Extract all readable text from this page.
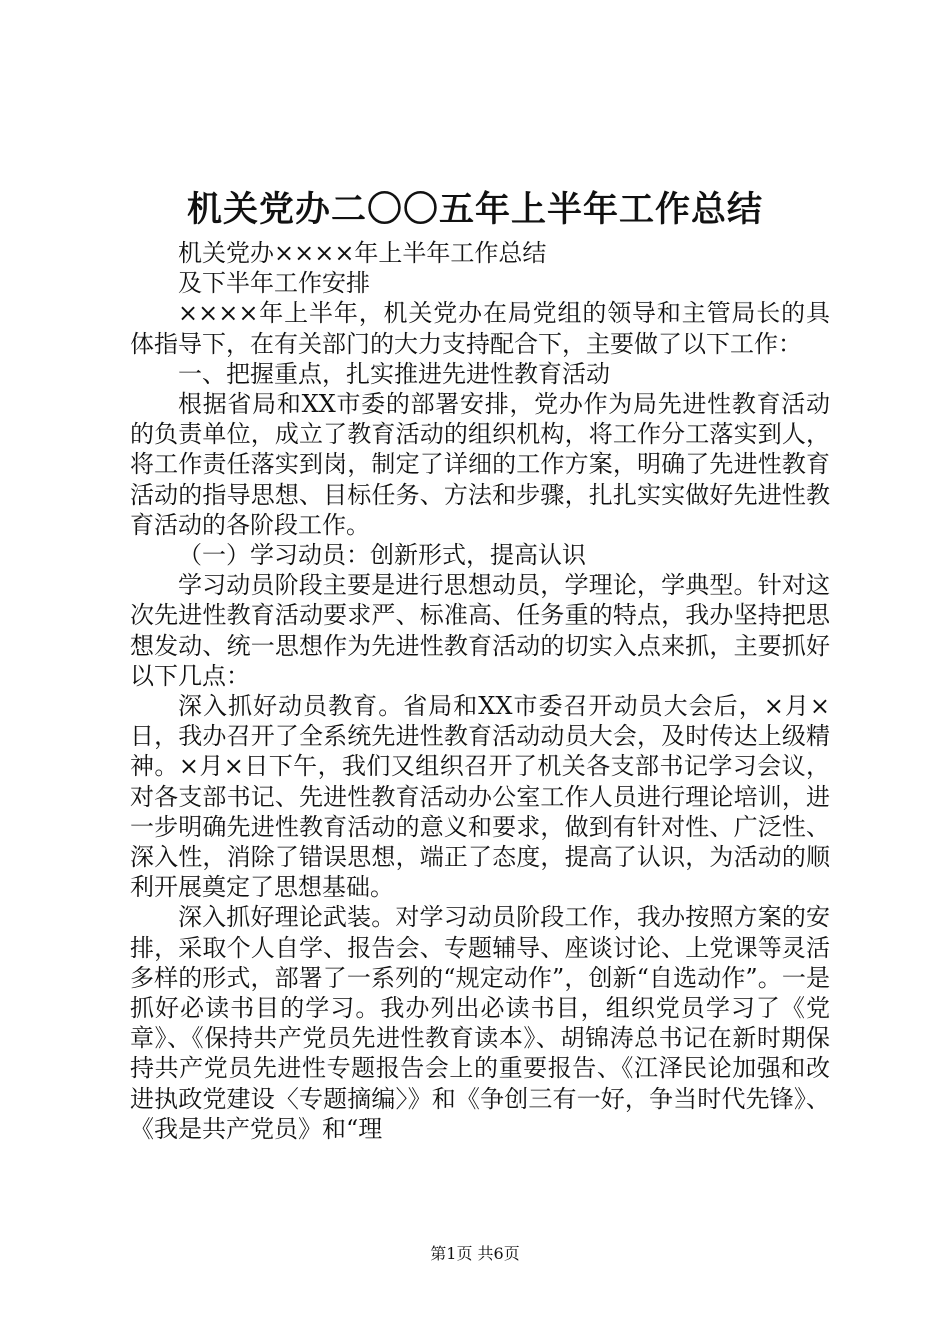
机关党办二〇〇五年上半年工作总结

机关党办××××年上半年工作总结

及下半年工作安排

××××年上半年，机关党办在局党组的领导和主管局长的具体指导下，在有关部门的大力支持配合下，主要做了以下工作：

一、把握重点，扎实推进先进性教育活动

根据省局和XX市委的部署安排，党办作为局先进性教育活动的负责单位，成立了教育活动的组织机构，将工作分工落实到人，将工作责任落实到岗，制定了详细的工作方案，明确了先进性教育活动的指导思想、目标任务、方法和步骤，扎扎实实做好先进性教育活动的各阶段工作。

（一）学习动员：创新形式，提高认识

学习动员阶段主要是进行思想动员，学理论，学典型。针对这次先进性教育活动要求严、标准高、任务重的特点，我办坚持把思想发动、统一思想作为先进性教育活动的切实入点来抓，主要抓好以下几点：

深入抓好动员教育。省局和XX市委召开动员大会后，×月×日，我办召开了全系统先进性教育活动动员大会，及时传达上级精神。×月×日下午，我们又组织召开了机关各支部书记学习会议，对各支部书记、先进性教育活动办公室工作人员进行理论培训，进一步明确先进性教育活动的意义和要求，做到有针对性、广泛性、深入性，消除了错误思想，端正了态度，提高了认识，为活动的顺利开展奠定了思想基础。

深入抓好理论武装。对学习动员阶段工作，我办按照方案的安排，采取个人自学、报告会、专题辅导、座谈讨论、上党课等灵活多样的形式，部署了一系列的“规定动作”，创新“自选动作”。一是抓好必读书目的学习。我办列出必读书目，组织党员学习了《党章》、《保持共产党员先进性教育读本》、胡锦涛总书记在新时期保持共产党员先进性专题报告会上的重要报告、《江泽民论加强和改进执政党建设〈专题摘编〉》和《争创三有一好，争当时代先锋》、《我是共产党员》和“理

第1页 共6页
